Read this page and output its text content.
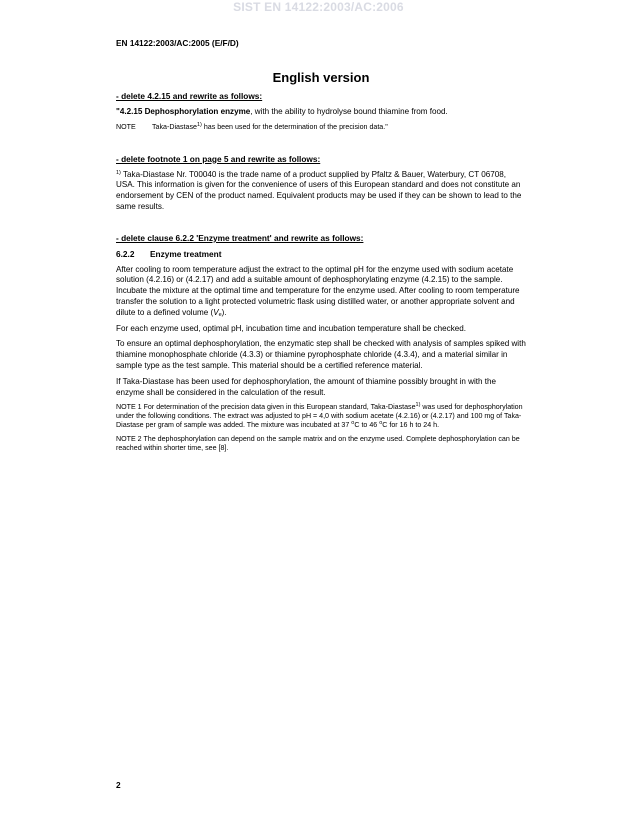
SIST EN 14122:2003/AC:2006
EN 14122:2003/AC:2005 (E/F/D)
English version

- delete 4.2.15 and rewrite as follows:

"4.2.15 Dephosphorylation enzyme, with the ability to hydrolyse bound thiamine from food.

NOTE Taka-Diastase$^{1)}$ has been used for the determination of the precision data."

- delete footnote 1 on page 5 and rewrite as follows:

$^{1)}$ Taka-Diastase Nr. T00040 is the trade name of a product supplied by Pfaltz & Bauer, Waterbury, CT 06708, USA. This information is given for the convenience of users of this European standard and does not constitute an endorsement by CEN of the product named. Equivalent products may be used if they can be shown to lead to the same results.

- delete clause 6.2.2 'Enzyme treatment' and rewrite as follows:

6.2.2 Enzyme treatment

After cooling to room temperature adjust the extract to the optimal pH for the enzyme used with sodium acetate solution (4.2.16) or (4.2.17) and add a suitable amount of dephosphorylating enzyme (4.2.15) to the sample. Incubate the mixture at the optimal time and temperature for the enzyme used. After cooling to room temperature transfer the solution to a light protected volumetric flask using distilled water, or another appropriate solvent and dilute to a defined volume $(V_e)$.

For each enzyme used, optimal pH, incubation time and incubation temperature shall be checked.

To ensure an optimal dephosphorylation, the enzymatic step shall be checked with analysis of samples spiked with thiamine monophosphate chloride (4.3.3) or thiamine pyrophosphate chloride (4.3.4), and a material similar in sample type as the test sample. This material should be a certified reference material.

If Taka-Diastase has been used for dephosphorylation, the amount of thiamine possibly brought in with the enzyme shall be considered in the calculation of the result.

NOTE 1 For determination of the precision data given in this European standard, Taka-Diastase$^{1)}$ was used for dephosphorylation under the following conditions. The extract was adjusted to pH = 4,0 with sodium acetate (4.2.16) or (4.2.17) and 100 mg of Taka-Diastase per gram of sample was added. The mixture was incubated at 37 $^o$C to 46 $^o$C for 16 h to 24 h.

NOTE 2 The dephosphorylation can depend on the sample matrix and on the enzyme used. Complete dephosphorylation can be reached within shorter time, see [8].

2
